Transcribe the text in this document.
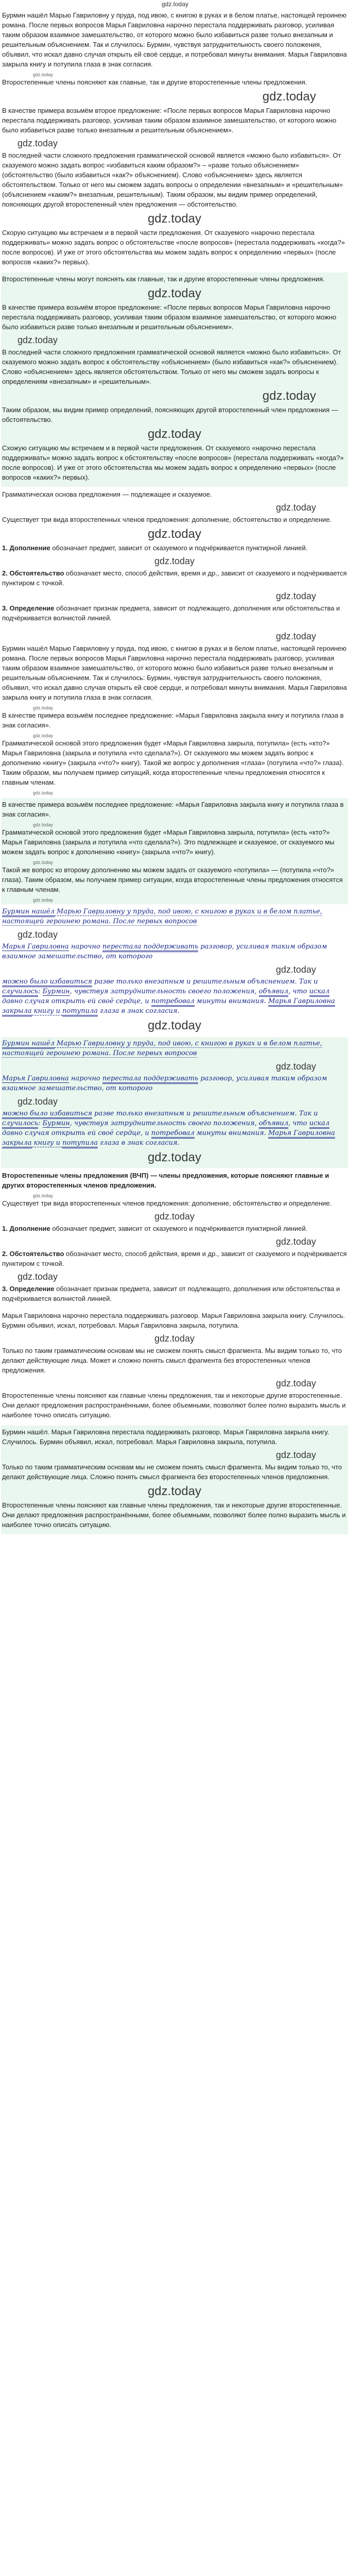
gdz.today

Бурмин нашёл Марью Гавриловну у пруда, под ивою, с книгою в руках и в белом платье, настоящей героинею романа. После первых вопросов Марья Гавриловна нарочно перестала поддерживать разговор, усиливая таким образом взаимное замешательство, от которого можно было избавиться разве только внезапным и решительным объяснением. Так и случилось: Бурмин, чувствуя затруднительность своего положения, объявил, что искал давно случая открыть ей своё сердце, и потребовал минуты внимания. Марья Гавриловна закрыла книгу и потупила глаза в знак согласия.

gdz.today

Второстепенные члены поясняют как главные, так и другие второстепенные члены предложения.

gdz.today

В качестве примера возьмём второе предложение: «После первых вопросов Марья Гавриловна нарочно перестала поддерживать разговор, усиливая таким образом взаимное замешательство, от которого можно было избавиться разве только внезапным и решительным объяснением».

gdz.today

В последней части сложного предложения грамматической основой является «можно было избавиться». От сказуемого можно задать вопрос «избавиться каким образом?» – «разве только объяснением» (обстоятельство (было избавиться «как?» объяснением). Слово «объяснением» здесь является обстоятельством. Только от него мы сможем задать вопросы о определении «внезапным» и «решительным» (объяснением «каким?» внезапным, решительным). Таким образом, мы видим пример определений, поясняющих другой второстепенный член предложения — обстоятельство.

gdz.today

Скорую ситуацию мы встречаем и в первой части предложения. От сказуемого «нарочно перестала поддерживать» можно задать вопрос о обстоятельстве «после вопросов» (перестала поддерживать «когда?» после вопросов). И уже от этого обстоятельства мы можем задать вопрос к определению «первых» (после вопросов «каких?» первых).

Второстепенные члены могут пояснять как главные, так и другие второстепенные члены предложения.

gdz.today

В качестве примера возьмём второе предложение: «После первых вопросов Марья Гавриловна нарочно перестала поддерживать разговор, усиливая таким образом взаимное замешательство, от которого можно было избавиться разве только внезапным и решительным объяснением».

gdz.today

В последней части сложного предложения грамматической основой является «можно было избавиться». От сказуемого можно задать вопрос к обстоятельству «объяснением» (было избавиться «как?» объяснением). Слово «объяснением» здесь является обстоятельством. Только от него мы сможем задать вопросы к определениям «внезапным» и «решительным».

gdz.today

Таким образом, мы видим пример определений, поясняющих другой второстепенный член предложения — обстоятельство.

gdz.today

Схожую ситуацию мы встречаем и в первой части предложения. От сказуемого «нарочно перестала поддерживать» можно задать вопрос к обстоятельству «после вопросов» (перестала поддерживать «когда?» после вопросов). И уже от этого обстоятельства мы можем задать вопрос к определению «первых» (после вопросов «каких?» первых).

Грамматическая основа предложения — подлежащее и сказуемое.

gdz.today

Существует три вида второстепенных членов предложения: дополнение, обстоятельство и определение.

gdz.today

1. Дополнение обозначает предмет, зависит от сказуемого и подчёркивается пунктирной линией.

gdz.today

2. Обстоятельство обозначает место, способ действия, время и др., зависит от сказуемого и подчёркивается пунктиром с точкой.

gdz.today

3. Определение обозначает признак предмета, зависит от подлежащего, дополнения или обстоятельства и подчёркивается волнистой линией.

gdz.today

Бурмин нашёл Марью Гавриловну у пруда, под ивою, с книгою в руках и в белом платье, настоящей героинею романа. После первых вопросов Марья Гавриловна нарочно перестала поддерживать разговор, усиливая таким образом взаимное замешательство, от которого можно было избавиться разве только внезапным и решительным объяснением. Так и случилось: Бурмин, чувствуя затруднительность своего положения, объявил, что искал давно случая открыть ей своё сердце, и потребовал минуты внимания. Марья Гавриловна закрыла книгу и потупила глаза в знак согласия.

gdz.today

В качестве примера возьмём последнее предложение: «Марья Гавриловна закрыла книгу и потупила глаза в знак согласия».

gdz.today

Грамматической основой этого предложения будет «Марья Гавриловна закрыла, потупила» (есть «кто?» Марья Гавриловна (закрыла и потупила «что сделала?»). От сказуемого мы можем задать вопрос к дополнению «книгу» (закрыла «что?» книгу). Такой же вопрос у дополнения «глаза» (потупила «что?» глаза). Таким образом, мы получаем пример ситуаций, когда второстепенные члены предложения относятся к главным членам.

gdz.today

В качестве примера возьмём последнее предложение: «Марья Гавриловна закрыла книгу и потупила глаза в знак согласия».

gdz.today

Грамматической основой этого предложения будет «Марья Гавриловна закрыла, потупила» (есть «кто?» Марья Гавриловна (закрыла и потупила «что сделала?»). Это подлежащее и сказуемое, от сказуемого мы можем задать вопрос к дополнению «книгу» (закрыла «что?» книгу).

gdz.today

Такой же вопрос ко второму дополнению мы можем задать от сказуемого «потупила» — (потупила «что?» глаза). Таким образом, мы получаем пример ситуации, когда второстепенные члены предложения относятся к главным членам.

gdz.today

Бурмин нашёл Марью Гавриловну у пруда, под ивою, с книгою в руках и в белом платье, настоящей героинею романа. После первых вопросов

gdz.today

Марья Гавриловна нарочно перестала поддерживать разговор, усиливая таким образом взаимное замешательство, от которого

gdz.today

можно было избавиться разве только внезапным и решительным объяснением. Так и случилось: Бурмин, чувствуя затруднительность своего положения, объявил, что искал давно случая открыть ей своё сердце, и потребовал минуты внимания. Марья Гавриловна закрыла книгу и потупила глаза в знак согласия.

gdz.today

Бурмин нашёл Марью Гавриловну у пруда, под ивою, с книгою в руках и в белом платье, настоящей героинею романа. После первых вопросов

gdz.today

Марья Гавриловна нарочно перестала поддерживать разговор, усиливая таким образом взаимное замешательство, от которого

gdz.today

можно было избавиться разве только внезапным и решительным объяснением. Так и случилось: Бурмин, чувствуя затруднительность своего положения, объявил, что искал давно случая открыть ей своё сердце, и потребовал минуты внимания. Марья Гавриловна закрыла книгу и потупила глаза в знак согласия.

gdz.today

Второстепенные члены предложения (ВЧП) — члены предложения, которые поясняют главные и других второстепенных членов предложения.

gdz.today

Существует три вида второстепенных членов предложения: дополнение, обстоятельство и определение.

gdz.today

1. Дополнение обозначает предмет, зависит от сказуемого и подчёркивается пунктирной линией.

gdz.today

2. Обстоятельство обозначает место, способ действия, время и др., зависит от сказуемого и подчёркивается пунктиром с точкой.

gdz.today

3. Определение обозначает признак предмета, зависит от подлежащего, дополнения или обстоятельства и подчёркивается волнистой линией.

Марья Гавриловна нарочно перестала поддерживать разговор. Марья Гавриловна закрыла книгу. Случилось. Бурмин объявил, искал, потребовал. Марья Гавриловна закрыла, потупила.

gdz.today

Только по таким грамматическим основам мы не сможем понять смысл фрагмента. Мы видим только то, что делают действующие лица. Может и сложно понять смысл фрагмента без второстепенных членов предложения.

gdz.today

Второстепенные члены поясняют как главные члены предложения, так и некоторые другие второстепенные. Они делают предложения распространёнными, более объемными, позволяют более полно выразить мысль и наиболее точно описать ситуацию.

Бурмин нашёл. Марья Гавриловна перестала поддерживать разговор. Марья Гавриловна закрыла книгу. Случилось. Бурмин объявил, искал, потребовал. Марья Гавриловна закрыла, потупила.

gdz.today

Только по таким грамматическим основам мы не сможем понять смысл фрагмента. Мы видим только то, что делают действующие лица. Сложно понять смысл фрагмента без второстепенных членов предложения.

gdz.today

Второстепенные члены поясняют как главные члены предложения, так и некоторые другие второстепенные. Они делают предложения распространёнными, более объемными, позволяют более полно выразить мысль и наиболее точно описать ситуацию.
